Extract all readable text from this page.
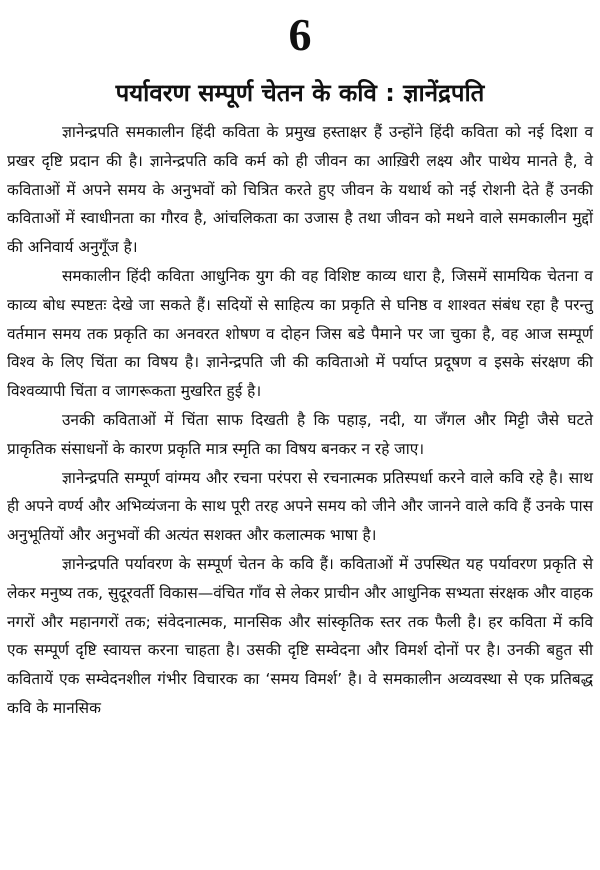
6
पर्यावरण सम्पूर्ण चेतन के कवि : ज्ञानेंद्रपति

ज्ञानेन्द्रपति समकालीन हिंदी कविता के प्रमुख हस्ताक्षर हैं उन्होंने हिंदी कविता को नई दिशा व प्रखर दृष्टि प्रदान की है। ज्ञानेन्द्रपति कवि कर्म को ही जीवन का आख़िरी लक्ष्य और पाथेय मानते है, वे कविताओं में अपने समय के अनुभवों को चित्रित करते हुए जीवन के यथार्थ को नई रोशनी देते हैं उनकी कविताओं में स्वाधीनता का गौरव है, आंचलिकता का उजास है तथा जीवन को मथने वाले समकालीन मुद्दों की अनिवार्य अनुगूँज है।

समकालीन हिंदी कविता आधुनिक युग की वह विशिष्ट काव्य धारा है, जिसमें सामयिक चेतना व काव्य बोध स्पष्टतः देखे जा सकते हैं। सदियों से साहित्य का प्रकृति से घनिष्ठ व शाश्वत संबंध रहा है परन्तु वर्तमान समय तक प्रकृति का अनवरत शोषण व दोहन जिस बडे पैमाने पर जा चुका है, वह आज सम्पूर्ण विश्व के लिए चिंता का विषय है। ज्ञानेन्द्रपति जी की कविताओ में पर्याप्त प्रदूषण व इसके संरक्षण की विश्वव्यापी चिंता व जागरूकता मुखरित हुई है।

उनकी कविताओं में चिंता साफ दिखती है कि पहाड़, नदी, या जँगल और मिट्टी जैसे घटते प्राकृतिक संसाधनों के कारण प्रकृति मात्र स्मृति का विषय बनकर न रहे जाए।

ज्ञानेन्द्रपति सम्पूर्ण वांग्मय और रचना परंपरा से रचनात्मक प्रतिस्पर्धा करने वाले कवि रहे है। साथ ही अपने वर्ण्य और अभिव्यंजना के साथ पूरी तरह अपने समय को जीने और जानने वाले कवि हैं उनके पास अनुभूतियों और अनुभवों की अत्यंत सशक्त और कलात्मक भाषा है।

ज्ञानेन्द्रपति पर्यावरण के सम्पूर्ण चेतन के कवि हैं। कविताओं में उपस्थित यह पर्यावरण प्रकृति से लेकर मनुष्य तक, सुदूरवर्ती विकास—वंचित गाँव से लेकर प्राचीन और आधुनिक सभ्यता संरक्षक और वाहक नगरों और महानगरों तक; संवेदनात्मक, मानसिक और सांस्कृतिक स्तर तक फैली है। हर कविता में कवि एक सम्पूर्ण दृष्टि स्वायत्त करना चाहता है। उसकी दृष्टि सम्वेदना और विमर्श दोनों पर है। उनकी बहुत सी कवितायें एक सम्वेदनशील गंभीर विचारक का ‘समय विमर्श’ है। वे समकालीन अव्यवस्था से एक प्रतिबद्ध कवि के मानसिक
